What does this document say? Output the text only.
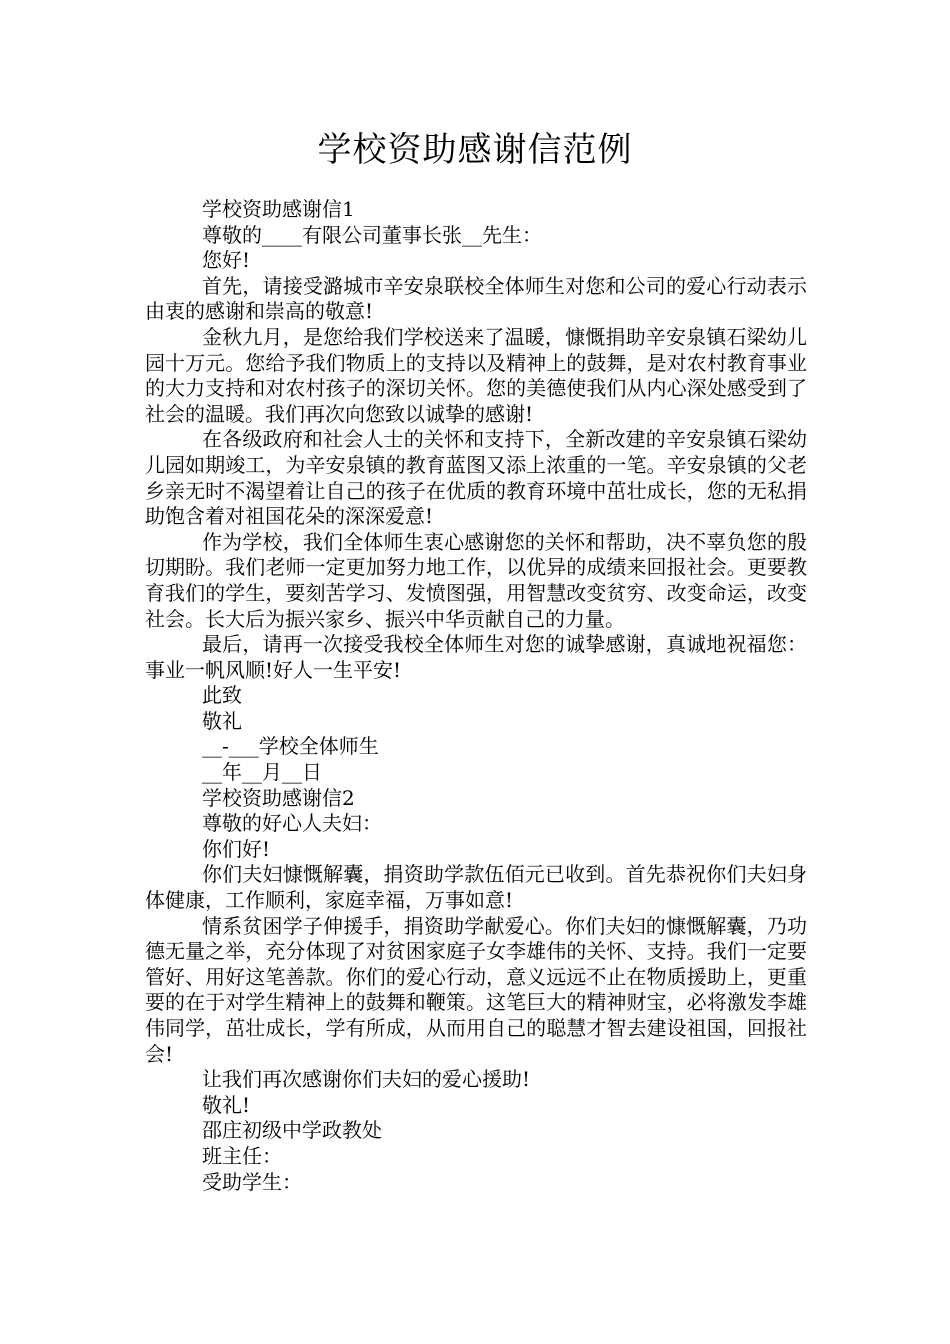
学校资助感谢信范例

学校资助感谢信1

尊敬的____有限公司董事长张__先生：

您好!

首先，请接受潞城市辛安泉联校全体师生对您和公司的爱心行动表示由衷的感谢和崇高的敬意!

金秋九月，是您给我们学校送来了温暖，慷慨捐助辛安泉镇石梁幼儿园十万元。您给予我们物质上的支持以及精神上的鼓舞，是对农村教育事业的大力支持和对农村孩子的深切关怀。您的美德使我们从内心深处感受到了社会的温暖。我们再次向您致以诚挚的感谢!

在各级政府和社会人士的关怀和支持下，全新改建的辛安泉镇石梁幼儿园如期竣工，为辛安泉镇的教育蓝图又添上浓重的一笔。辛安泉镇的父老乡亲无时不渴望着让自己的孩子在优质的教育环境中茁壮成长，您的无私捐助饱含着对祖国花朵的深深爱意!

作为学校，我们全体师生衷心感谢您的关怀和帮助，决不辜负您的殷切期盼。我们老师一定更加努力地工作，以优异的成绩来回报社会。更要教育我们的学生，要刻苦学习、发愤图强，用智慧改变贫穷、改变命运，改变社会。长大后为振兴家乡、振兴中华贡献自己的力量。

最后，请再一次接受我校全体师生对您的诚挚感谢，真诚地祝福您：事业一帆风顺!好人一生平安!

此致

敬礼

__-___学校全体师生

__年__月__日

学校资助感谢信2

尊敬的好心人夫妇：

你们好!

你们夫妇慷慨解囊，捐资助学款伍佰元已收到。首先恭祝你们夫妇身体健康，工作顺利，家庭幸福，万事如意!

情系贫困学子伸援手，捐资助学献爱心。你们夫妇的慷慨解囊，乃功德无量之举，充分体现了对贫困家庭子女李雄伟的关怀、支持。我们一定要管好、用好这笔善款。你们的爱心行动，意义远远不止在物质援助上，更重要的在于对学生精神上的鼓舞和鞭策。这笔巨大的精神财宝，必将激发李雄伟同学，茁壮成长，学有所成，从而用自己的聪慧才智去建设祖国，回报社会!

让我们再次感谢你们夫妇的爱心援助!

敬礼!

邵庄初级中学政教处

班主任：

受助学生：
